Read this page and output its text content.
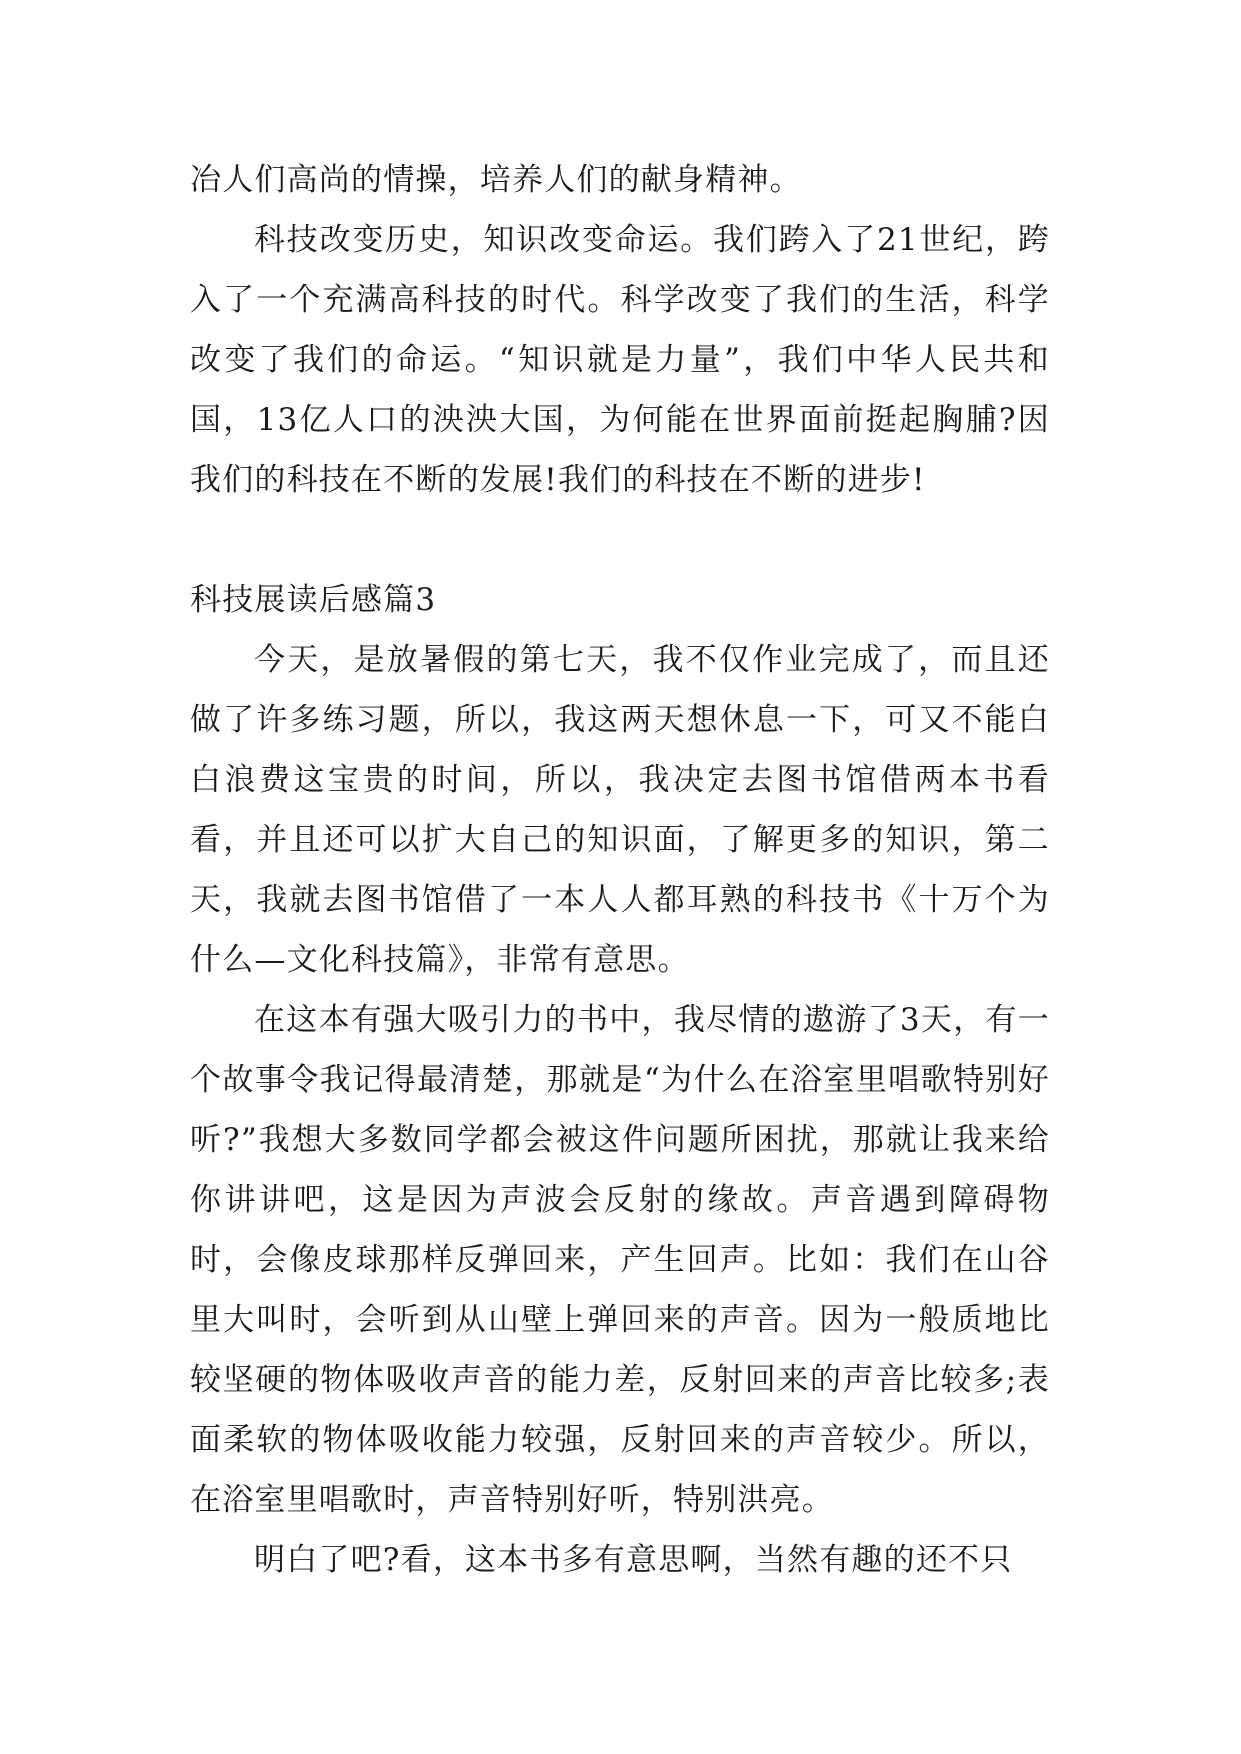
冶人们高尚的情操，培养人们的献身精神。

科技改变历史，知识改变命运。我们跨入了21世纪，跨入了一个充满高科技的时代。科学改变了我们的生活，科学改变了我们的命运。“知识就是力量”，我们中华人民共和国，13亿人口的泱泱大国，为何能在世界面前挺起胸脯?因我们的科技在不断的发展!我们的科技在不断的进步!

科技展读后感篇3

今天，是放暑假的第七天，我不仅作业完成了，而且还做了许多练习题，所以，我这两天想休息一下，可又不能白白浪费这宝贵的时间，所以，我决定去图书馆借两本书看看，并且还可以扩大自己的知识面，了解更多的知识，第二天，我就去图书馆借了一本人人都耳熟的科技书《十万个为什么—文化科技篇》，非常有意思。

在这本有强大吸引力的书中，我尽情的遨游了3天，有一个故事令我记得最清楚，那就是“为什么在浴室里唱歌特别好听?”我想大多数同学都会被这件问题所困扰，那就让我来给你讲讲吧，这是因为声波会反射的缘故。声音遇到障碍物时，会像皮球那样反弹回来，产生回声。比如：我们在山谷里大叫时，会听到从山壁上弹回来的声音。因为一般质地比较坚硬的物体吸收声音的能力差，反射回来的声音比较多;表面柔软的物体吸收能力较强，反射回来的声音较少。所以，在浴室里唱歌时，声音特别好听，特别洪亮。

明白了吧?看，这本书多有意思啊，当然有趣的还不只
